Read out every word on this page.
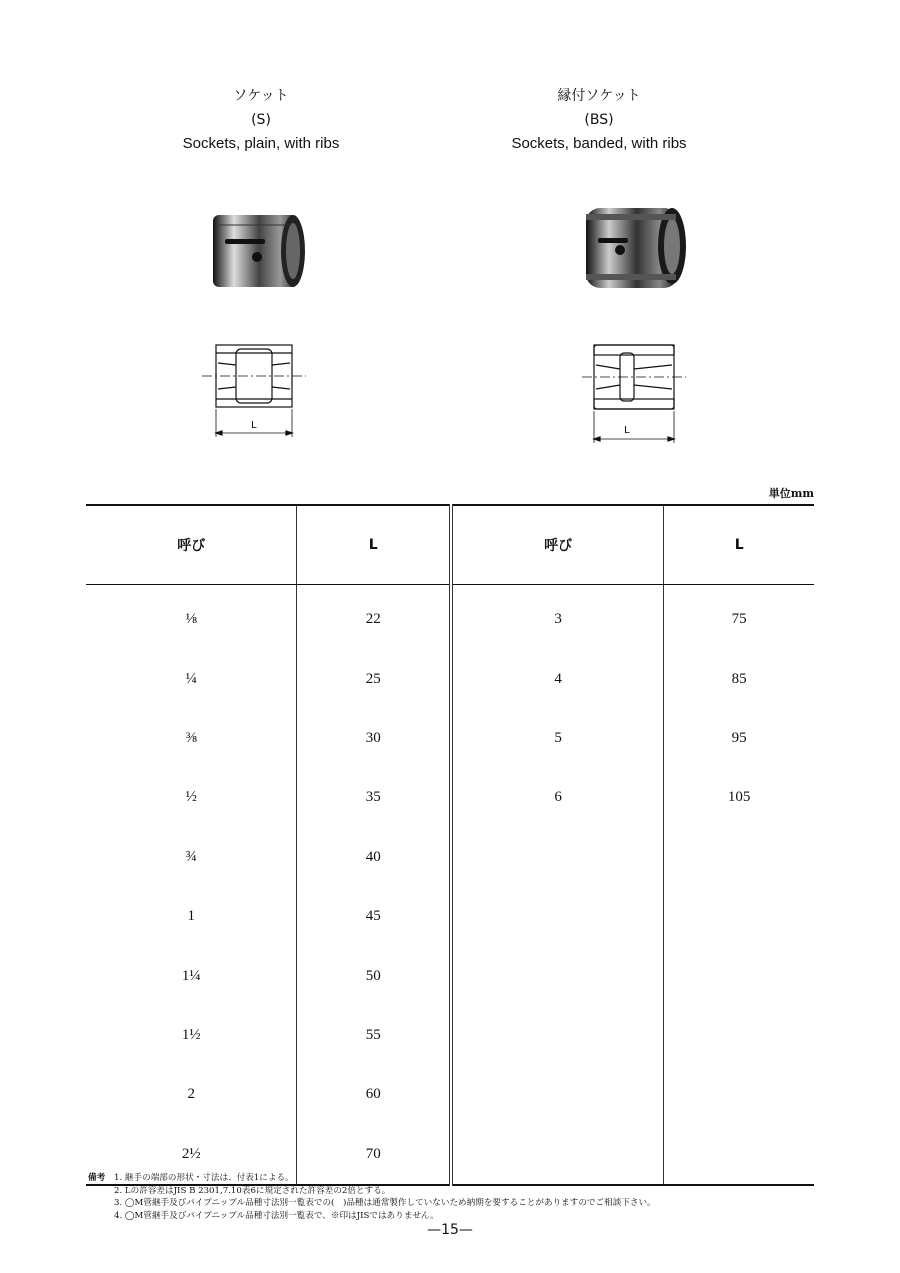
ソケット
(S)
Sockets, plain, with ribs
縁付ソケット
(BS)
Sockets, banded, with ribs
L	L
単位mm
呼び	L	呼び	L
⅛	22	3	75
¼	25	4	85
⅜	30	5	95
½	35	6	105
¾	40		
1	45		
1¼	50		
1½	55		
2	60		
2½	70		
備考 1. 継手の端部の形状・寸法は、付表1による。
2. Lの許容差はJIS B 2301,7.10表6に規定された許容差の2倍とする。
3. ◯M管継手及びパイプニップル品種寸法別一覧表での(　)品種は通常製作していないため納期を要することがありますのでご相談下さい。
4. ◯M管継手及びパイプニップル品種寸法別一覧表で、※印はJISではありません。
—15—
